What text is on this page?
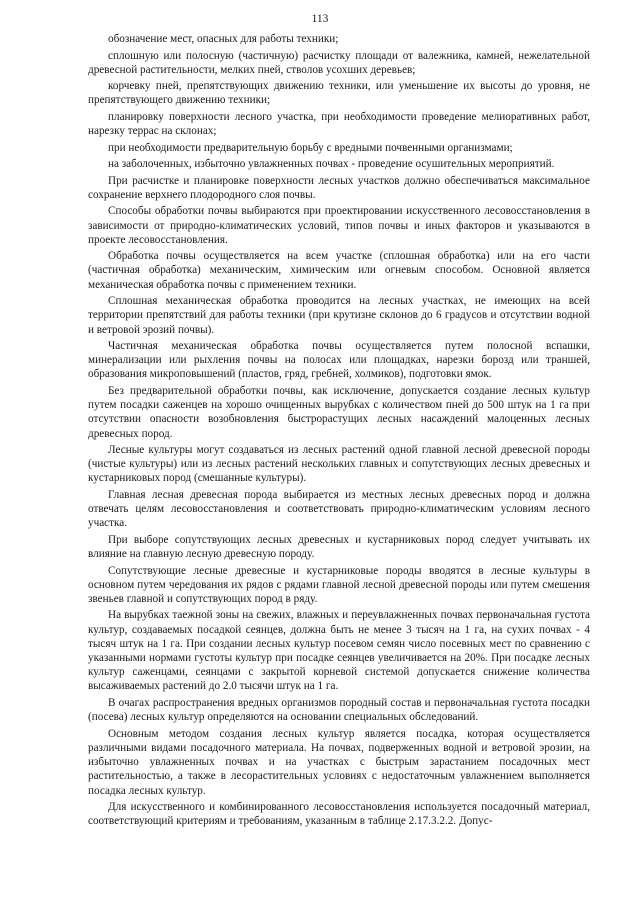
113

обозначение мест, опасных для работы техники;

сплошную или полосную (частичную) расчистку площади от валежника, камней, нежелательной древесной растительности, мелких пней, стволов усохших деревьев;

корчевку пней, препятствующих движению техники, или уменьшение их высоты до уровня, не препятствующего движению техники;

планировку поверхности лесного участка, при необходимости проведение мелиоративных работ, нарезку террас на склонах;

при необходимости предварительную борьбу с вредными почвенными организмами;

на заболоченных, избыточно увлажненных почвах - проведение осушительных мероприятий.

При расчистке и планировке поверхности лесных участков должно обеспечиваться максимальное сохранение верхнего плодородного слоя почвы.

Способы обработки почвы выбираются при проектировании искусственного лесовосстановления в зависимости от природно-климатических условий, типов почвы и иных факторов и указываются в проекте лесовосстановления.

Обработка почвы осуществляется на всем участке (сплошная обработка) или на его части (частичная обработка) механическим, химическим или огневым способом. Основной является механическая обработка почвы с применением техники.

Сплошная механическая обработка проводится на лесных участках, не имеющих на всей территории препятствий для работы техники (при крутизне склонов до 6 градусов и отсутствии водной и ветровой эрозий почвы).

Частичная механическая обработка почвы осуществляется путем полосной вспашки, минерализации или рыхления почвы на полосах или площадках, нарезки борозд или траншей, образования микроповышений (пластов, гряд, гребней, холмиков), подготовки ямок.

Без предварительной обработки почвы, как исключение, допускается создание лесных культур путем посадки саженцев на хорошо очищенных вырубках с количеством пней до 500 штук на 1 га при отсутствии опасности возобновления быстрорастущих лесных насаждений малоценных лесных древесных пород.

Лесные культуры могут создаваться из лесных растений одной главной лесной древесной породы (чистые культуры) или из лесных растений нескольких главных и сопутствующих лесных древесных и кустарниковых пород (смешанные культуры).

Главная лесная древесная порода выбирается из местных лесных древесных пород и должна отвечать целям лесовосстановления и соответствовать природно-климатическим условиям лесного участка.

При выборе сопутствующих лесных древесных и кустарниковых пород следует учитывать их влияние на главную лесную древесную породу.

Сопутствующие лесные древесные и кустарниковые породы вводятся в лесные культуры в основном путем чередования их рядов с рядами главной лесной древесной породы или путем смешения звеньев главной и сопутствующих пород в ряду.

На вырубках таежной зоны на свежих, влажных и переувлажненных почвах первоначальная густота культур, создаваемых посадкой сеянцев, должна быть не менее 3 тысяч на 1 га, на сухих почвах - 4 тысяч штук на 1 га. При создании лесных культур посевом семян число посевных мест по сравнению с указанными нормами густоты культур при посадке сеянцев увеличивается на 20%. При посадке лесных культур саженцами, сеянцами с закрытой корневой системой допускается снижение количества высаживаемых растений до 2.0 тысячи штук на 1 га.

В очагах распространения вредных организмов породный состав и первоначальная густота посадки (посева) лесных культур определяются на основании специальных обследований.

Основным методом создания лесных культур является посадка, которая осуществляется различными видами посадочного материала. На почвах, подверженных водной и ветровой эрозии, на избыточно увлажненных почвах и на участках с быстрым зарастанием посадочных мест растительностью, а также в лесорастительных условиях с недостаточным увлажнением выполняется посадка лесных культур.

Для искусственного и комбинированного лесовосстановления используется посадочный материал, соответствующий критериям и требованиям, указанным в таблице 2.17.3.2.2. Допус-
